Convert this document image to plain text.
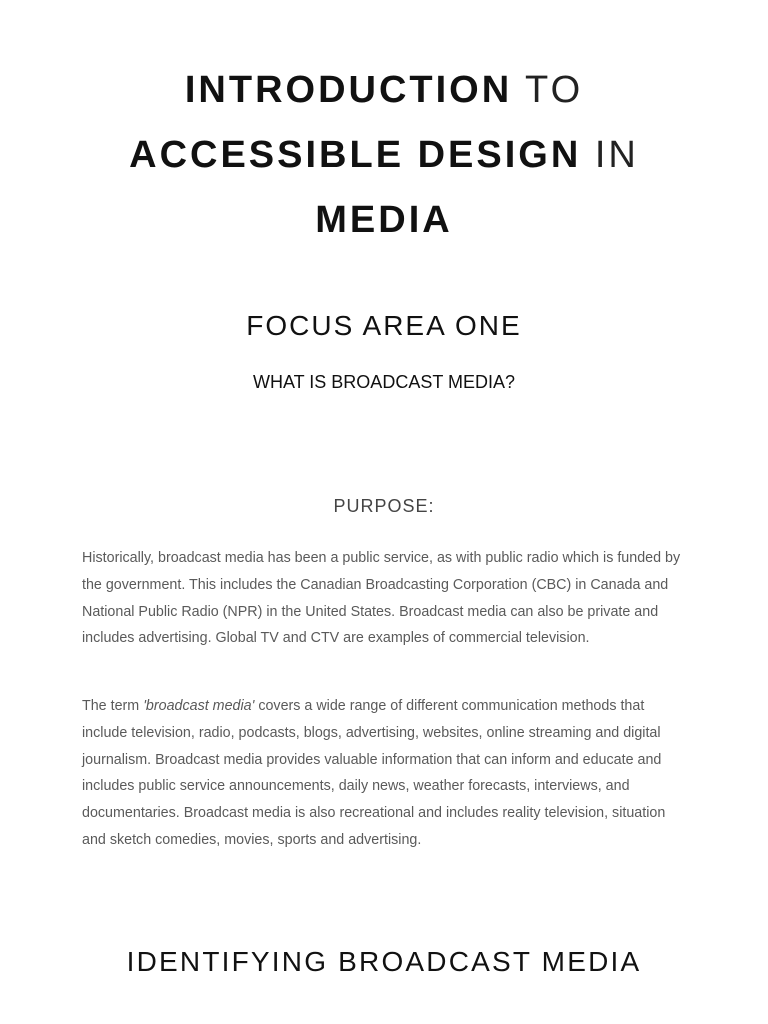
INTRODUCTION TO
ACCESSIBLE DESIGN IN
MEDIA
FOCUS AREA ONE
WHAT IS BROADCAST MEDIA?
PURPOSE:

Historically, broadcast media has been a public service, as with public radio which is funded by the government. This includes the Canadian Broadcasting Corporation (CBC) in Canada and National Public Radio (NPR) in the United States. Broadcast media can also be private and includes advertising. Global TV and CTV are examples of commercial television.

The term 'broadcast media' covers a wide range of different communication methods that include television, radio, podcasts, blogs, advertising, websites, online streaming and digital journalism. Broadcast media provides valuable information that can inform and educate and includes public service announcements, daily news, weather forecasts, interviews, and documentaries. Broadcast media is also recreational and includes reality television, situation and sketch comedies, movies, sports and advertising.

IDENTIFYING BROADCAST MEDIA
